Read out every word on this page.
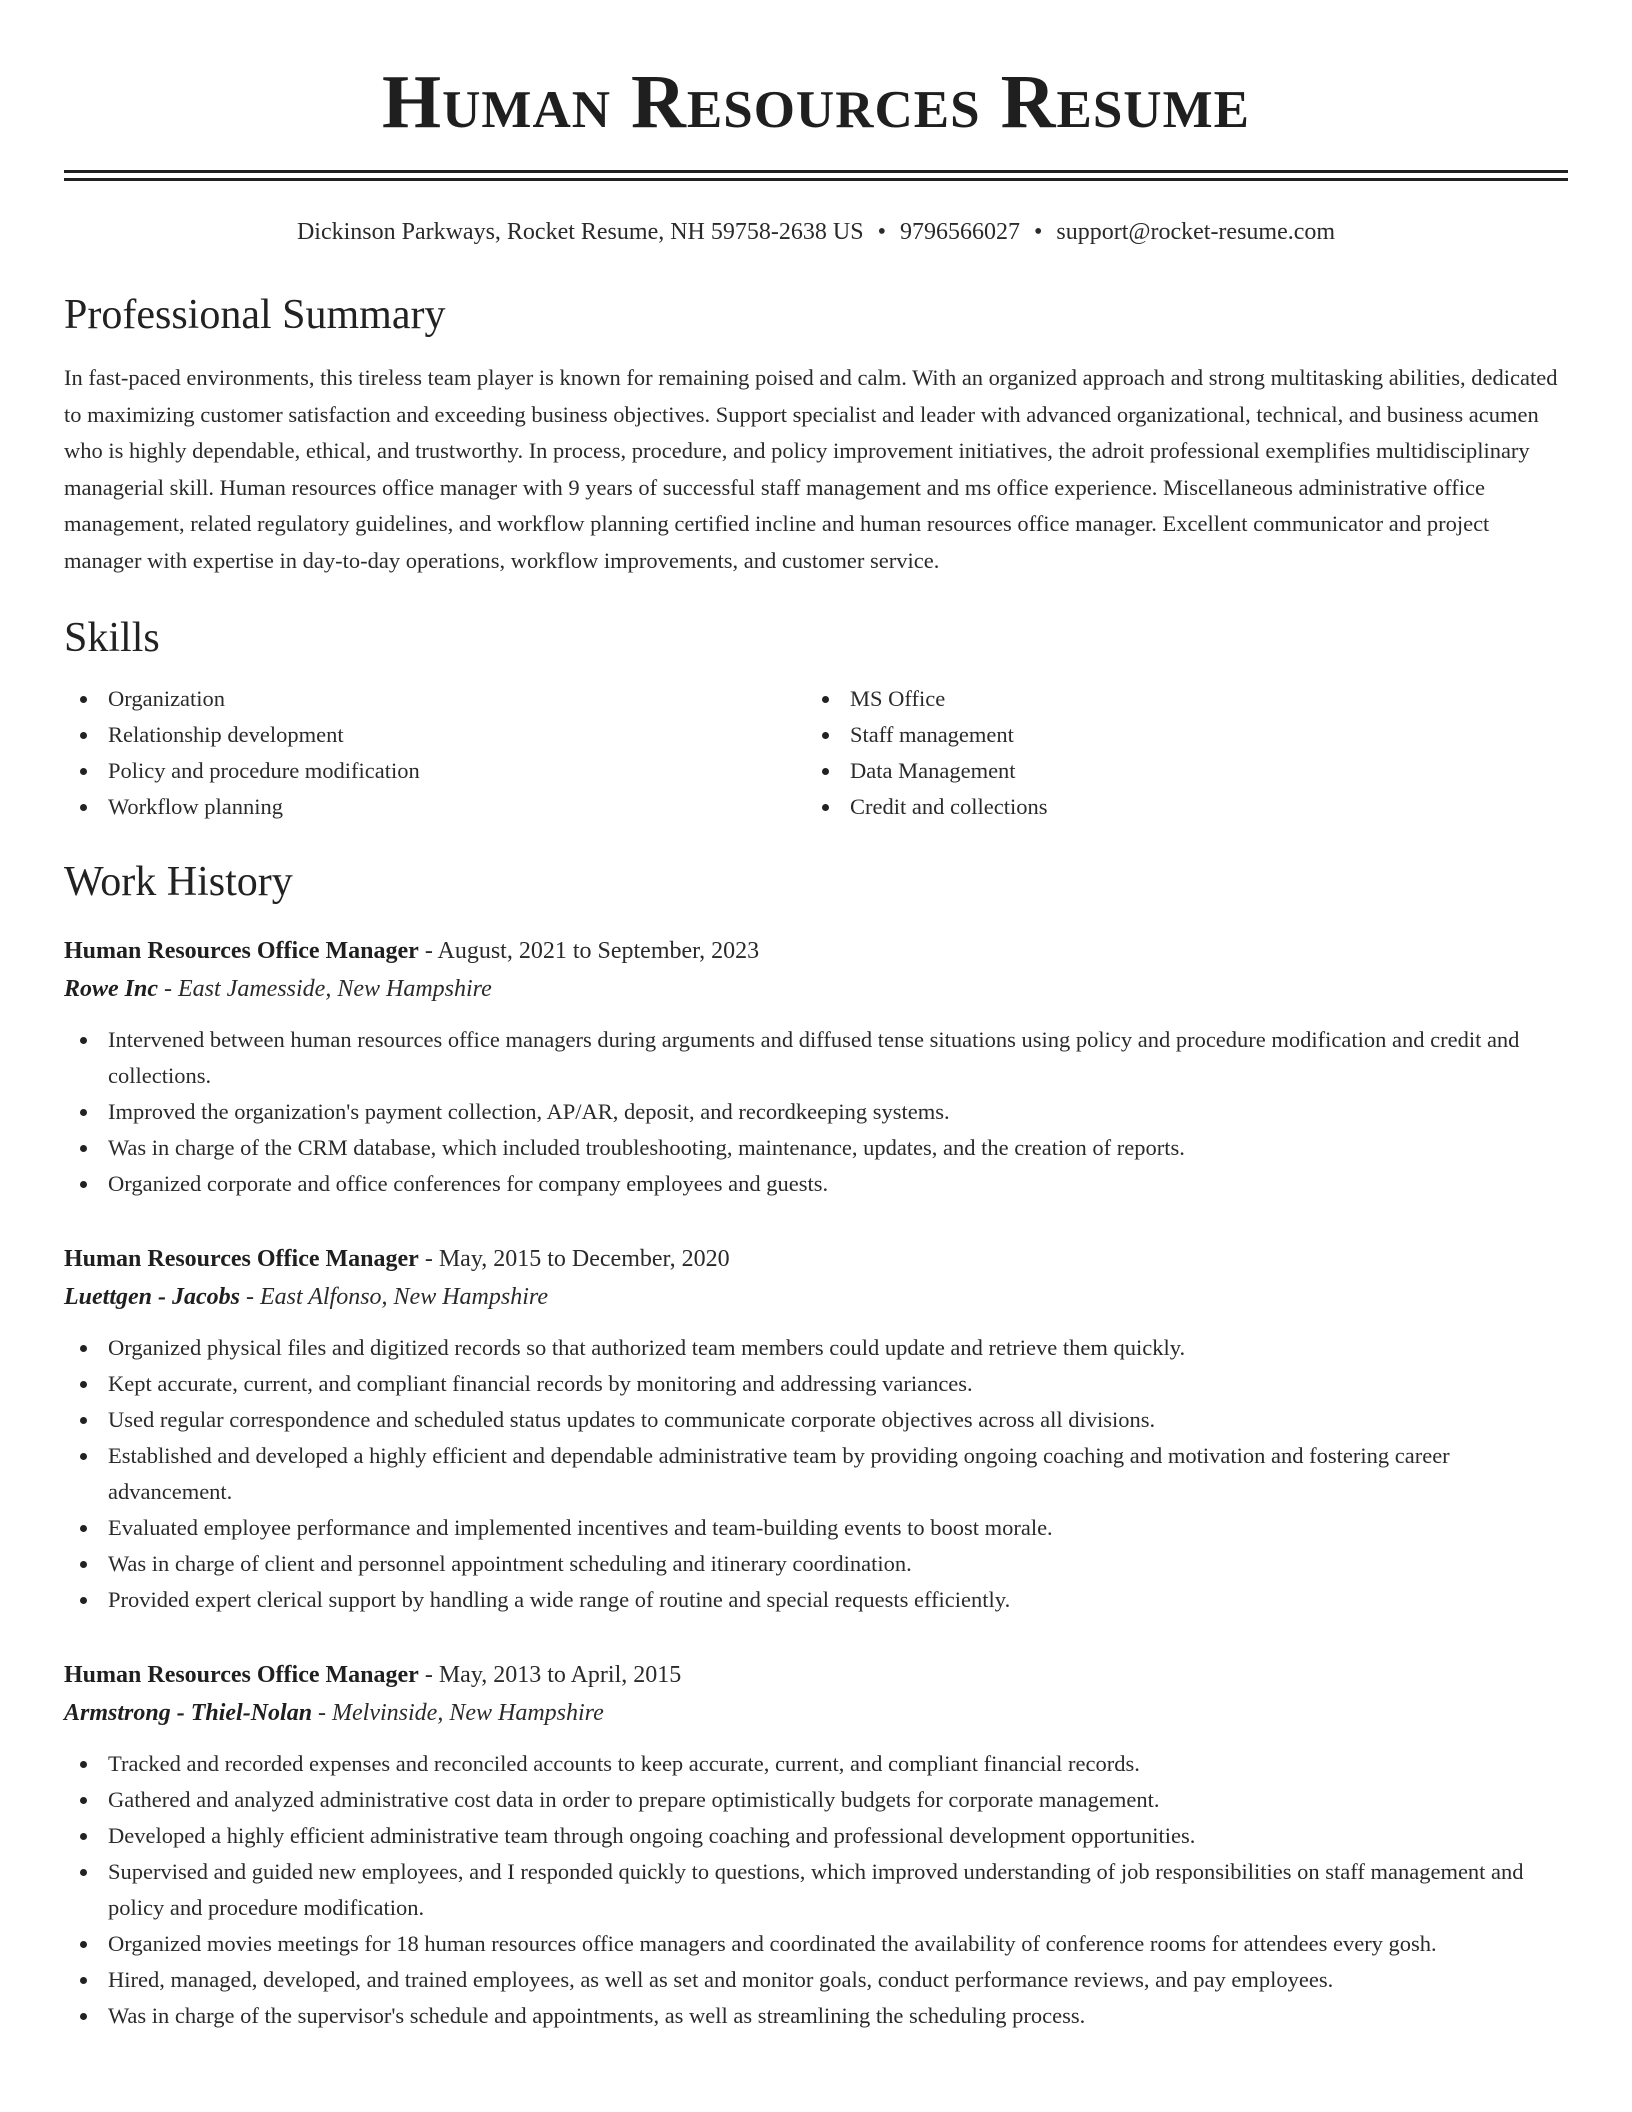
Human Resources Resume
Dickinson Parkways, Rocket Resume, NH 59758-2638 US • 9796566027 • support@rocket-resume.com
Professional Summary

In fast-paced environments, this tireless team player is known for remaining poised and calm. With an organized approach and strong multitasking abilities, dedicated to maximizing customer satisfaction and exceeding business objectives. Support specialist and leader with advanced organizational, technical, and business acumen who is highly dependable, ethical, and trustworthy. In process, procedure, and policy improvement initiatives, the adroit professional exemplifies multidisciplinary managerial skill. Human resources office manager with 9 years of successful staff management and ms office experience. Miscellaneous administrative office management, related regulatory guidelines, and workflow planning certified incline and human resources office manager. Excellent communicator and project manager with expertise in day-to-day operations, workflow improvements, and customer service.

Skills
Organization
Relationship development
Policy and procedure modification
Workflow planning
MS Office
Staff management
Data Management
Credit and collections
Work History
Human Resources Office Manager - August, 2021 to September, 2023
Rowe Inc - East Jamesside, New Hampshire
Intervened between human resources office managers during arguments and diffused tense situations using policy and procedure modification and credit and collections.
Improved the organization's payment collection, AP/AR, deposit, and recordkeeping systems.
Was in charge of the CRM database, which included troubleshooting, maintenance, updates, and the creation of reports.
Organized corporate and office conferences for company employees and guests.
Human Resources Office Manager - May, 2015 to December, 2020
Luettgen - Jacobs - East Alfonso, New Hampshire
Organized physical files and digitized records so that authorized team members could update and retrieve them quickly.
Kept accurate, current, and compliant financial records by monitoring and addressing variances.
Used regular correspondence and scheduled status updates to communicate corporate objectives across all divisions.
Established and developed a highly efficient and dependable administrative team by providing ongoing coaching and motivation and fostering career advancement.
Evaluated employee performance and implemented incentives and team-building events to boost morale.
Was in charge of client and personnel appointment scheduling and itinerary coordination.
Provided expert clerical support by handling a wide range of routine and special requests efficiently.
Human Resources Office Manager - May, 2013 to April, 2015
Armstrong - Thiel-Nolan - Melvinside, New Hampshire
Tracked and recorded expenses and reconciled accounts to keep accurate, current, and compliant financial records.
Gathered and analyzed administrative cost data in order to prepare optimistically budgets for corporate management.
Developed a highly efficient administrative team through ongoing coaching and professional development opportunities.
Supervised and guided new employees, and I responded quickly to questions, which improved understanding of job responsibilities on staff management and policy and procedure modification.
Organized movies meetings for 18 human resources office managers and coordinated the availability of conference rooms for attendees every gosh.
Hired, managed, developed, and trained employees, as well as set and monitor goals, conduct performance reviews, and pay employees.
Was in charge of the supervisor's schedule and appointments, as well as streamlining the scheduling process.
